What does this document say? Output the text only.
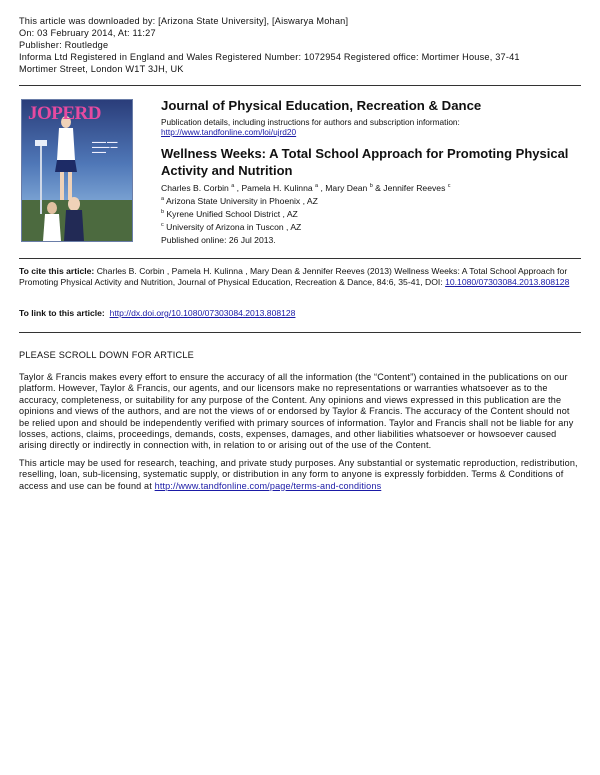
This article was downloaded by: [Arizona State University], [Aiswarya Mohan]
On: 03 February 2014, At: 11:27
Publisher: Routledge
Informa Ltd Registered in England and Wales Registered Number: 1072954 Registered office: Mortimer House, 37-41
Mortimer Street, London W1T 3JH, UK
JOPERD
▬▬▬▬ ▬▬▬ ▬▬▬▬▬ ▬▬ ▬▬▬▬
Journal of Physical Education, Recreation & Dance
Publication details, including instructions for authors and subscription information:
http://www.tandfonline.com/loi/ujrd20
Wellness Weeks: A Total School Approach for Promoting Physical Activity and Nutrition
Charles B. Corbin $^a$ , Pamela H. Kulinna $^a$ , Mary Dean $^b$ & Jennifer Reeves $^c$
$^a$ Arizona State University in Phoenix , AZ
$^b$ Kyrene Unified School District , AZ
$^c$ University of Arizona in Tuscon , AZ
Published online: 26 Jul 2013.
To cite this article: Charles B. Corbin , Pamela H. Kulinna , Mary Dean & Jennifer Reeves (2013) Wellness Weeks: A Total School Approach for Promoting Physical Activity and Nutrition, Journal of Physical Education, Recreation & Dance, 84:6, 35-41, DOI: 10.1080/07303084.2013.808128
To link to this article: http://dx.doi.org/10.1080/07303084.2013.808128
PLEASE SCROLL DOWN FOR ARTICLE

Taylor & Francis makes every effort to ensure the accuracy of all the information (the “Content”) contained in the publications on our platform. However, Taylor & Francis, our agents, and our licensors make no representations or warranties whatsoever as to the accuracy, completeness, or suitability for any purpose of the Content. Any opinions and views expressed in this publication are the opinions and views of the authors, and are not the views of or endorsed by Taylor & Francis. The accuracy of the Content should not be relied upon and should be independently verified with primary sources of information. Taylor and Francis shall not be liable for any losses, actions, claims, proceedings, demands, costs, expenses, damages, and other liabilities whatsoever or howsoever caused arising directly or indirectly in connection with, in relation to or arising out of the use of the Content.

This article may be used for research, teaching, and private study purposes. Any substantial or systematic reproduction, redistribution, reselling, loan, sub-licensing, systematic supply, or distribution in any form to anyone is expressly forbidden. Terms & Conditions of access and use can be found at http://www.tandfonline.com/page/terms-and-conditions
